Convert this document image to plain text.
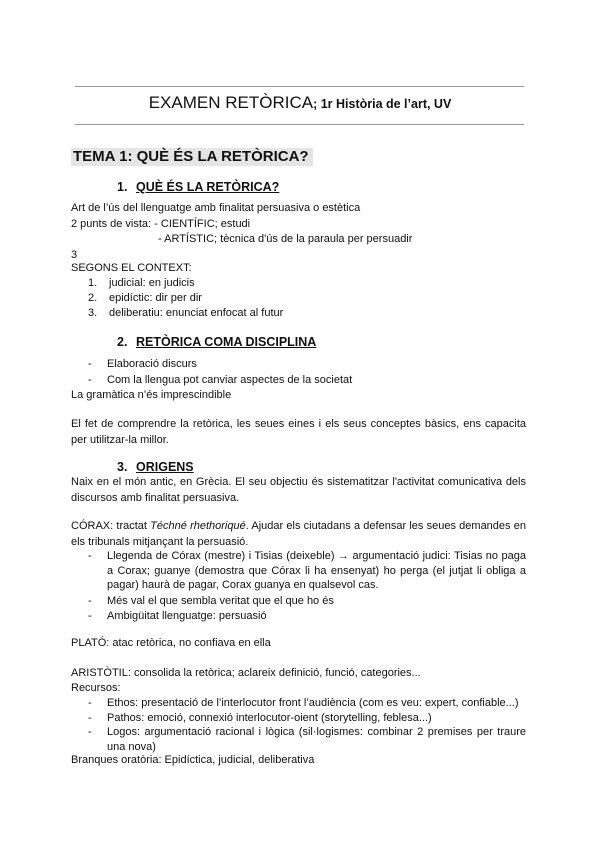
EXAMEN RETÒRICA; 1r Història de l’art, UV
TEMA 1: QUÈ ÉS LA RETÒRICA?
1. QUÈ ÉS LA RETÒRICA?
Art de l’ús del llenguatge amb finalitat persuasiva o estètica
2 punts de vista: - CIENTÍFIC; estudi
- ARTÍSTIC; tècnica d'ús de la paraula per persuadir
3
SEGONS EL CONTEXT:
1. judicial: en judicis
2. epidíctic: dir per dir
3. deliberatiu: enunciat enfocat al futur
2. RETÒRICA COMA DISCIPLINA
- Elaboració discurs
- Com la llengua pot canviar aspectes de la societat
La gramàtica n’és imprescindible
El fet de comprendre la retòrica, les seues eines i els seus conceptes bàsics, ens capacita per utilitzar-la millor.
3. ORIGENS
Naix en el món antic, en Grècia. El seu objectiu és sistematitzar l'activitat comunicativa dels discursos amb finalitat persuasiva.
CÓRAX: tractat Téchné rhethoriqué. Ajudar els ciutadans a defensar les seues demandes en els tribunals mitjançant la persuasió.
- Llegenda de Córax (mestre) i Tisias (deixeble) → argumentació judici: Tisias no paga a Corax; guanye (demostra que Córax li ha ensenyat) ho perga (el jutjat li obliga a pagar) haurà de pagar, Corax guanya en qualsevol cas.
- Més val el que sembla veritat que el que ho és
- Ambigüitat llenguatge: persuasió
PLATÓ: atac retòrica, no confiava en ella
ARISTÒTIL: consolida la retòrica; aclareix definició, funció, categories...
Recursos:
- Ethos: presentació de l’interlocutor front l’audiència (com es veu: expert, confiable...)
- Pathos: emoció, connexió interlocutor-oient (storytelling, feblesa...)
- Logos: argumentació racional i lògica (sil·logismes: combinar 2 premises per traure una nova)
Branques oratòria: Epidíctica, judicial, deliberativa
